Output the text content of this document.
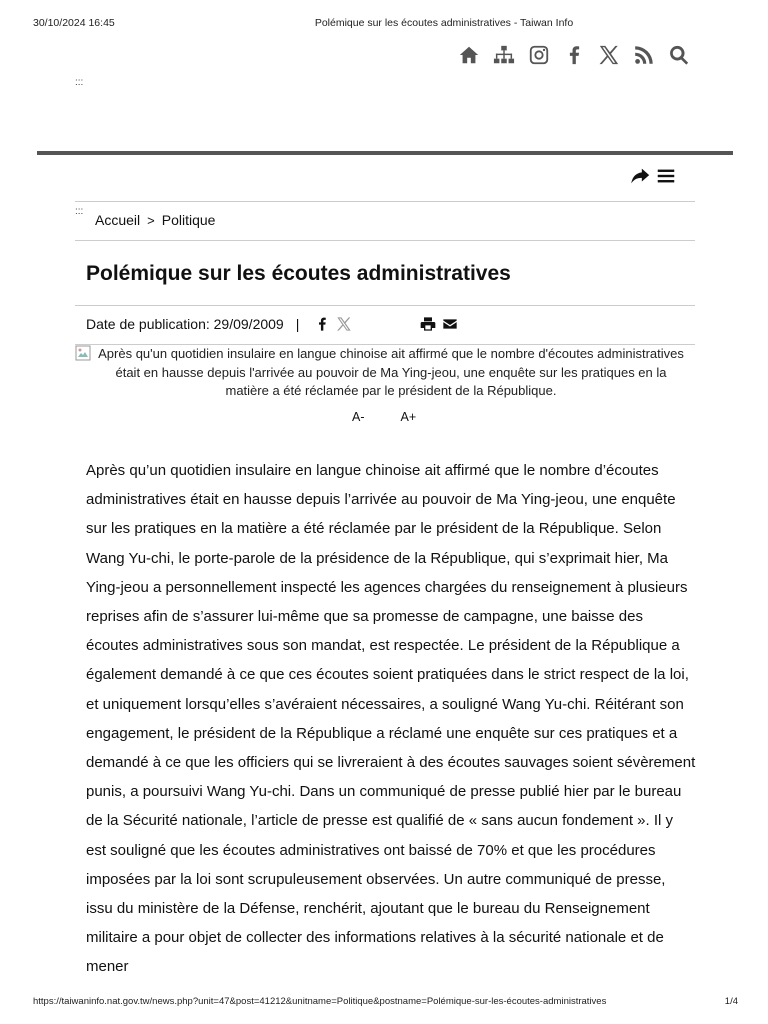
30/10/2024 16:45	Polémique sur les écoutes administratives - Taiwan Info
:::
:::
Accueil > Politique
Polémique sur les écoutes administratives
Date de publication: 29/09/2009 |
Après qu'un quotidien insulaire en langue chinoise ait affirmé que le nombre d'écoutes administratives était en hausse depuis l'arrivée au pouvoir de Ma Ying-jeou, une enquête sur les pratiques en la matière a été réclamée par le président de la République.
A-	A+

Après qu’un quotidien insulaire en langue chinoise ait affirmé que le nombre d’écoutes administratives était en hausse depuis l’arrivée au pouvoir de Ma Ying-jeou, une enquête sur les pratiques en la matière a été réclamée par le président de la République. Selon Wang Yu-chi, le porte-parole de la présidence de la République, qui s’exprimait hier, Ma Ying-jeou a personnellement inspecté les agences chargées du renseignement à plusieurs reprises afin de s’assurer lui-même que sa promesse de campagne, une baisse des écoutes administratives sous son mandat, est respectée. Le président de la République a également demandé à ce que ces écoutes soient pratiquées dans le strict respect de la loi, et uniquement lorsqu’elles s’avéraient nécessaires, a souligné Wang Yu-chi. Réitérant son engagement, le président de la République a réclamé une enquête sur ces pratiques et a demandé à ce que les officiers qui se livreraient à des écoutes sauvages soient sévèrement punis, a poursuivi Wang Yu-chi. Dans un communiqué de presse publié hier par le bureau de la Sécurité nationale, l’article de presse est qualifié de « sans aucun fondement ». Il y est souligné que les écoutes administratives ont baissé de 70% et que les procédures imposées par la loi sont scrupuleusement observées. Un autre communiqué de presse, issu du ministère de la Défense, renchérit, ajoutant que le bureau du Renseignement militaire a pour objet de collecter des informations relatives à la sécurité nationale et de mener

https://taiwaninfo.nat.gov.tw/news.php?unit=47&post=41212&unitname=Politique&postname=Polémique-sur-les-écoutes-administratives	1/4
